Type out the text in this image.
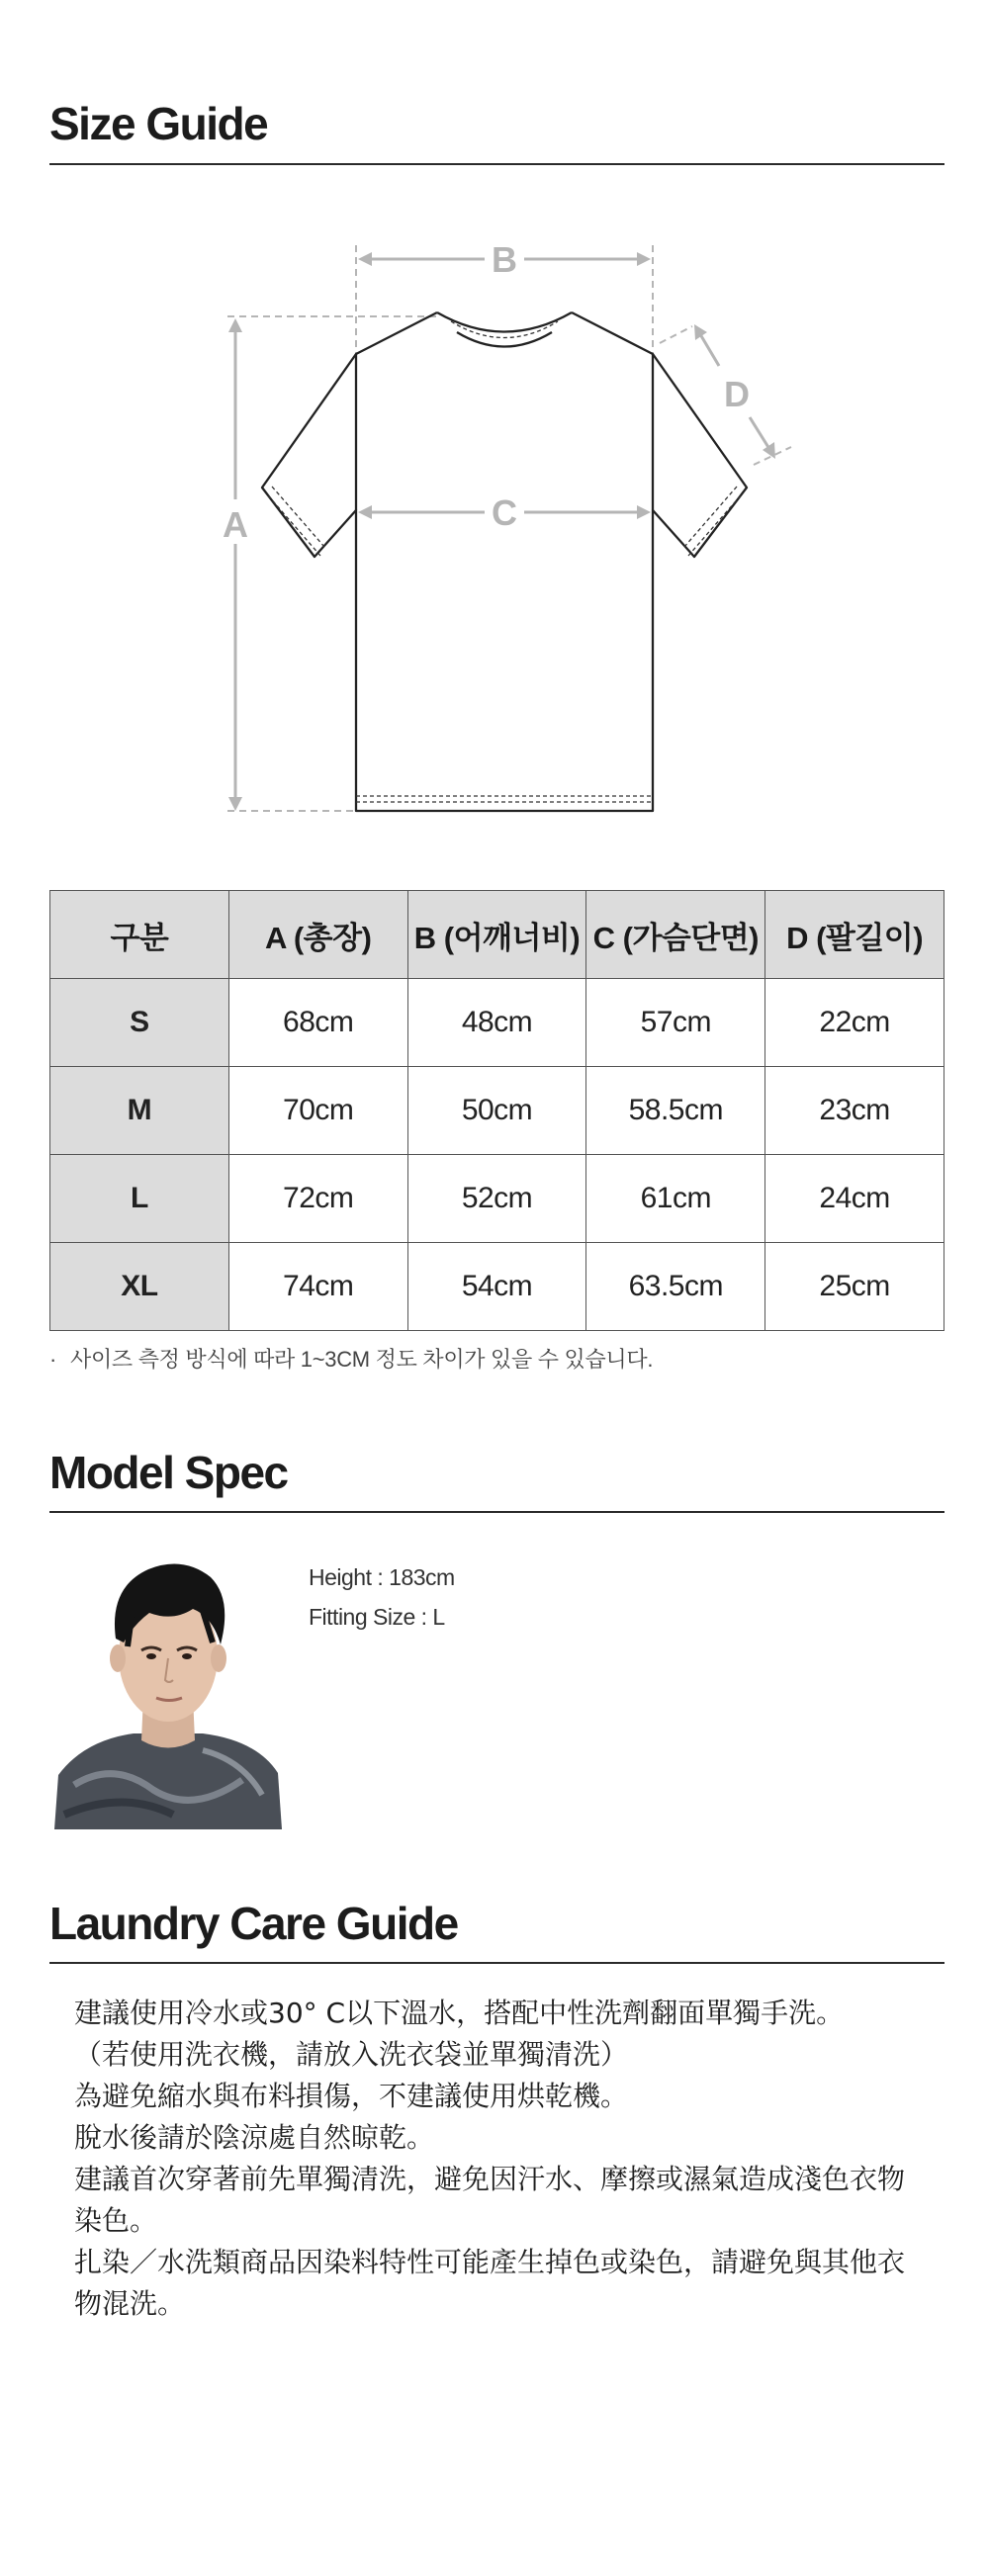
Size Guide
B
A	C
D
구분	A (총장)	B (어깨너비)	C (가슴단면)	D (팔길이)
S	68cm	48cm	57cm	22cm
M	70cm	50cm	58.5cm	23cm
L	72cm	52cm	61cm	24cm
XL	74cm	54cm	63.5cm	25cm
· 사이즈 측정 방식에 따라 1~3CM 정도 차이가 있을 수 있습니다.
Model Spec
Height : 183cm
Fitting Size : L
Laundry Care Guide

建議使用冷水或30° C以下溫水，搭配中性洗劑翻面單獨手洗。

（若使用洗衣機，請放入洗衣袋並單獨清洗）

為避免縮水與布料損傷，不建議使用烘乾機。

脫水後請於陰涼處自然晾乾。

建議首次穿著前先單獨清洗，避免因汗水、摩擦或濕氣造成淺色衣物

染色。

扎染／水洗類商品因染料特性可能產生掉色或染色，請避免與其他衣

物混洗。
